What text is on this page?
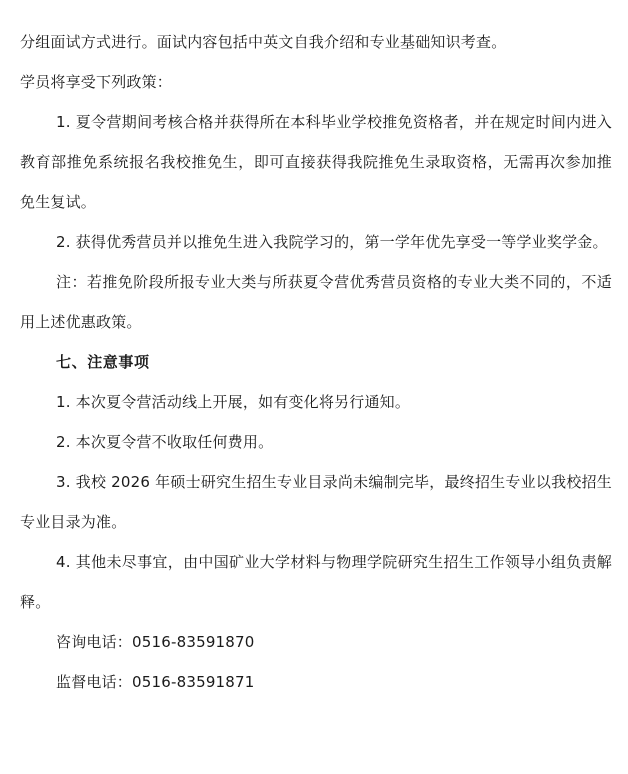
分组面试方式进行。面试内容包括中英文自我介绍和专业基础知识考查。

学员将享受下列政策：

1. 夏令营期间考核合格并获得所在本科毕业学校推免资格者，并在规定时间内进入教育部推免系统报名我校推免生，即可直接获得我院推免生录取资格，无需再次参加推免生复试。

2. 获得优秀营员并以推免生进入我院学习的，第一学年优先享受一等学业奖学金。

注：若推免阶段所报专业大类与所获夏令营优秀营员资格的专业大类不同的，不适用上述优惠政策。

七、注意事项

1. 本次夏令营活动线上开展，如有变化将另行通知。

2. 本次夏令营不收取任何费用。

3. 我校 2026 年硕士研究生招生专业目录尚未编制完毕，最终招生专业以我校招生专业目录为准。

4. 其他未尽事宜，由中国矿业大学材料与物理学院研究生招生工作领导小组负责解释。

咨询电话：0516-83591870

监督电话：0516-83591871
